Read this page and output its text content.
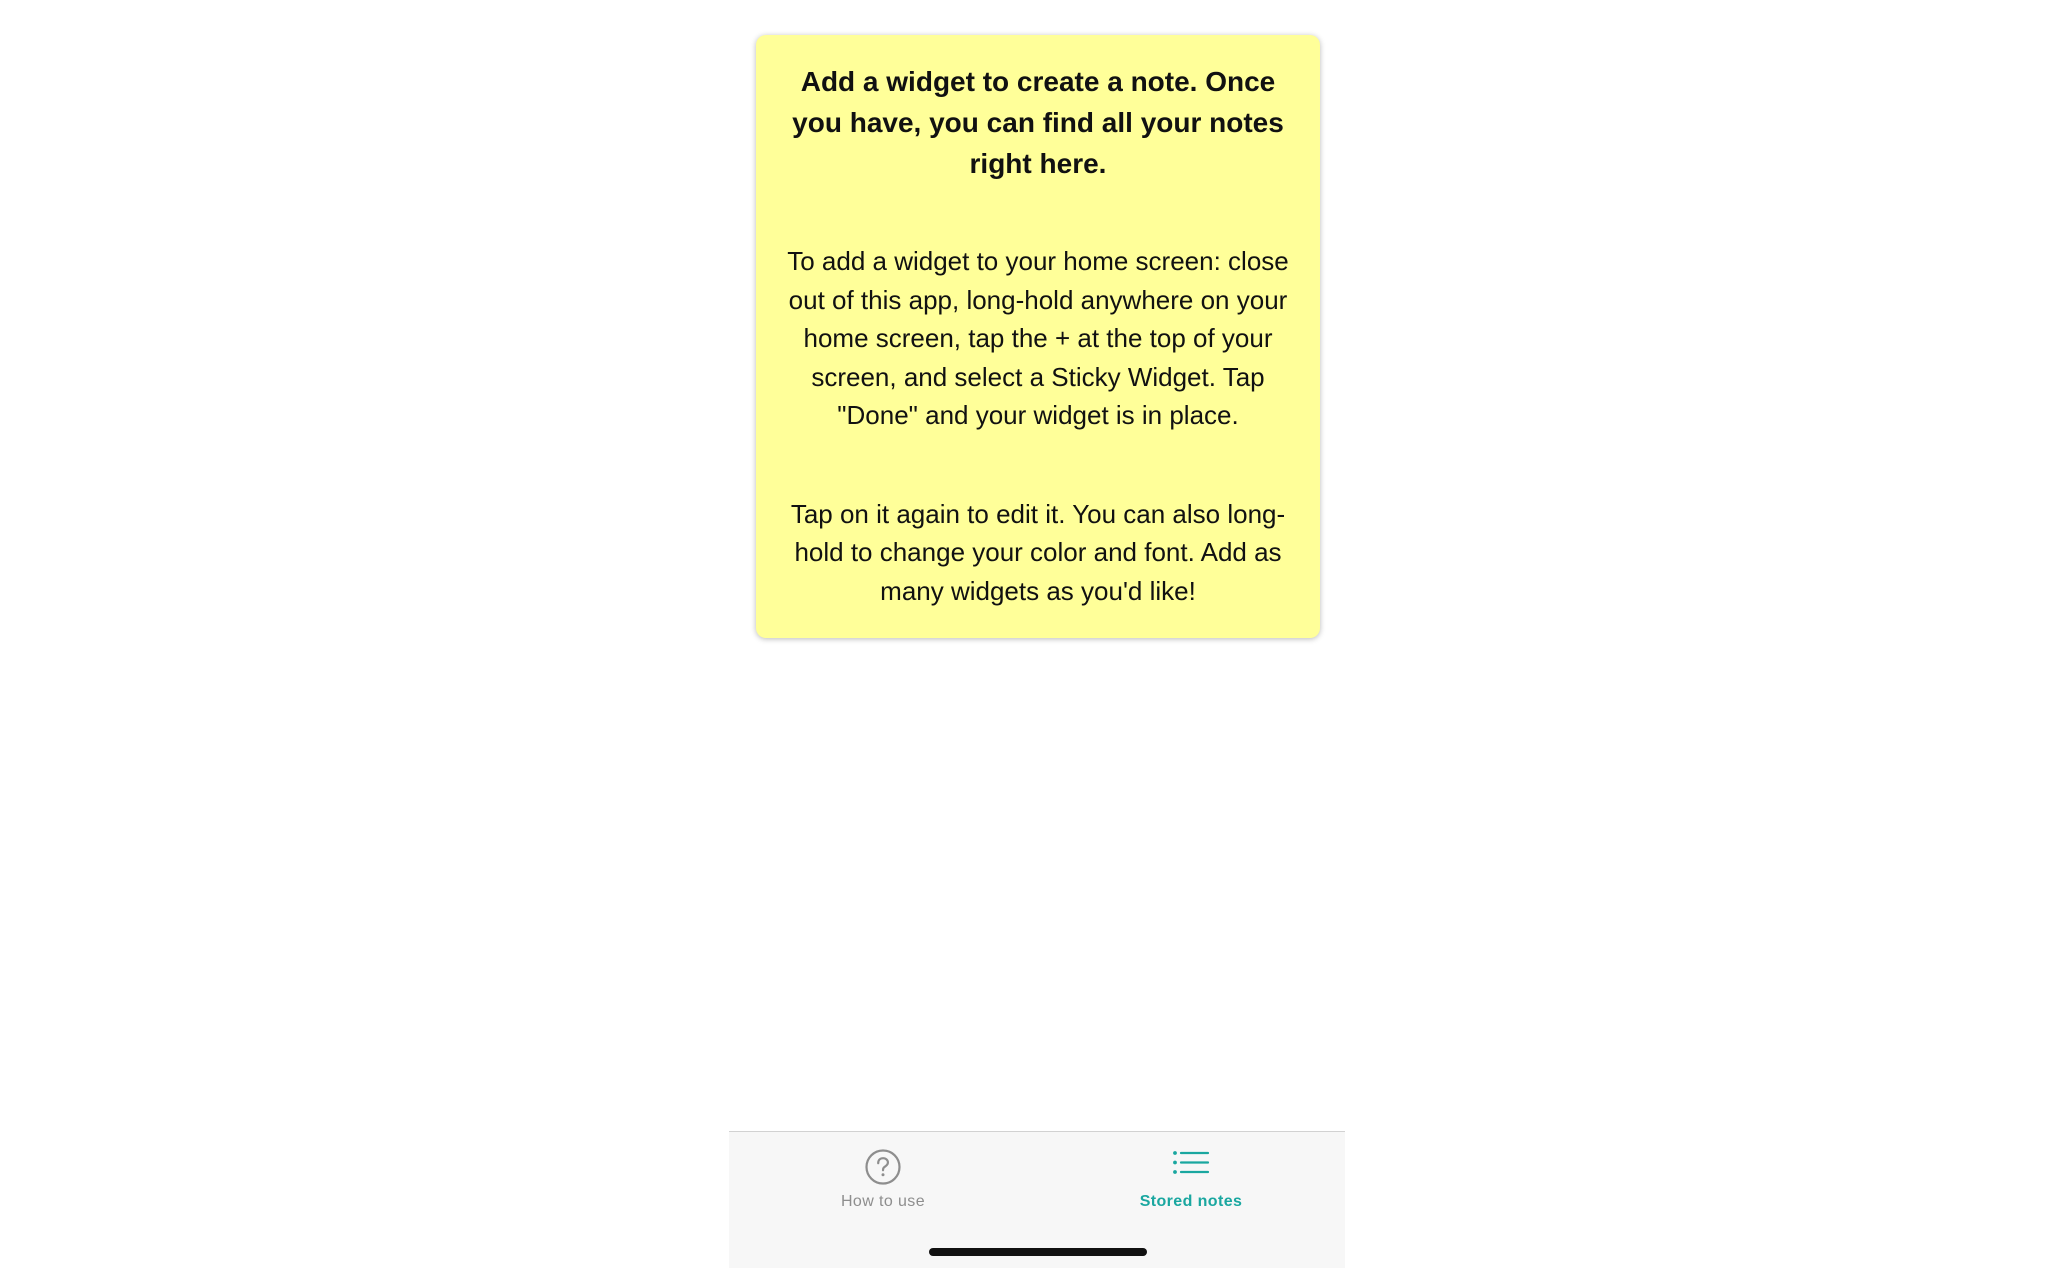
Add a widget to create a note. Once you have, you can find all your notes right here.

To add a widget to your home screen: close out of this app, long-hold anywhere on your home screen, tap the + at the top of your screen, and select a Sticky Widget. Tap "Done" and your widget is in place.

Tap on it again to edit it. You can also long-hold to change your color and font. Add as many widgets as you'd like!

How to use	Stored notes
